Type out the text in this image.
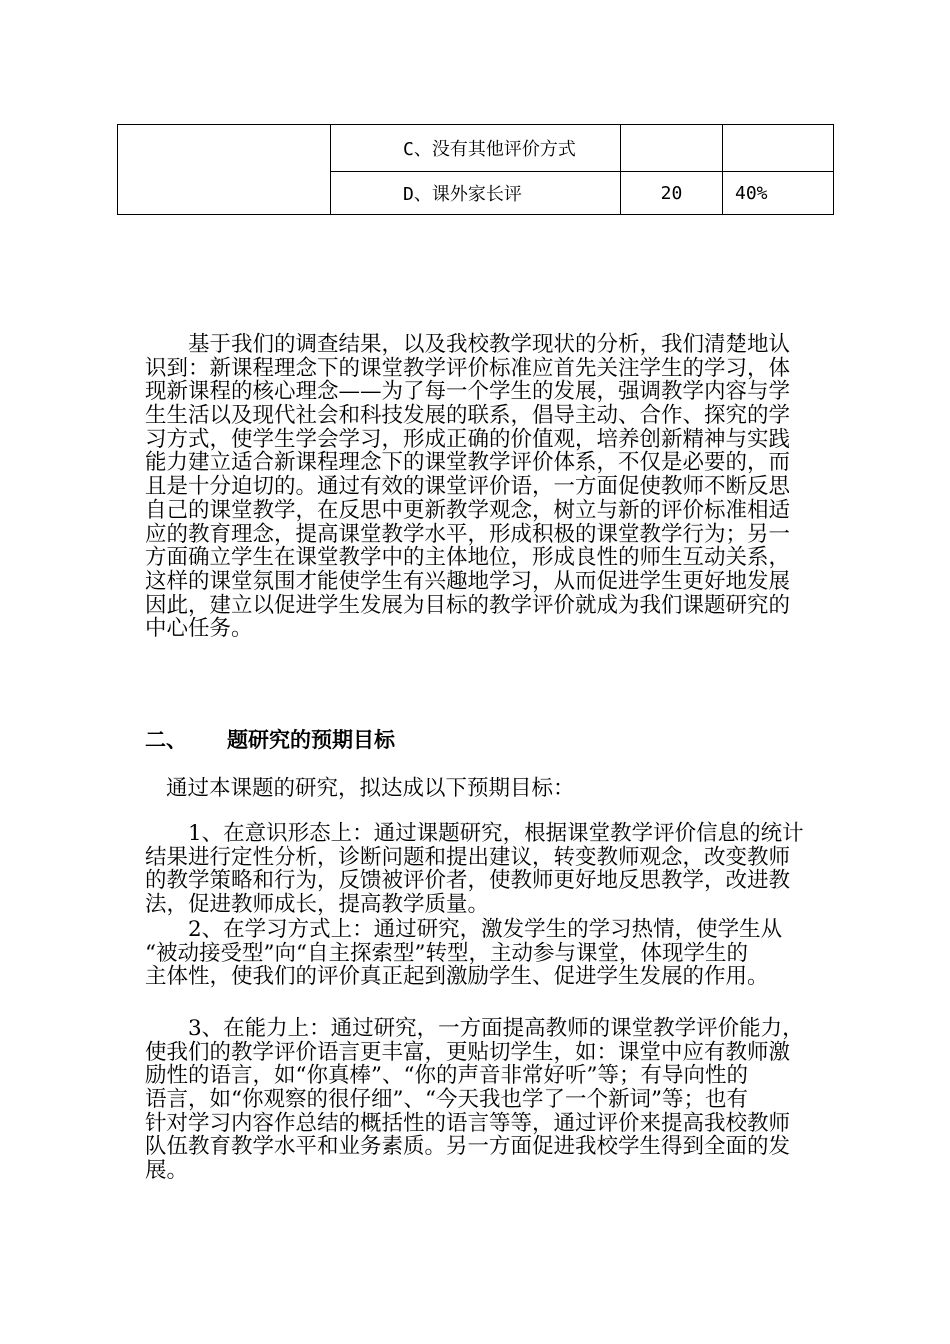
	C、没有其他评价方式		
	D、课外家长评	20	40%
基于我们的调查结果，以及我校教学现状的分析，我们清楚地认
识到：新课程理念下的课堂教学评价标准应首先关注学生的学习，体
现新课程的核心理念——为了每一个学生的发展，强调教学内容与学
生生活以及现代社会和科技发展的联系，倡导主动、合作、探究的学
习方式，使学生学会学习，形成正确的价值观，培养创新精神与实践
能力建立适合新课程理念下的课堂教学评价体系，不仅是必要的，而
且是十分迫切的。通过有效的课堂评价语，一方面促使教师不断反思
自己的课堂教学，在反思中更新教学观念，树立与新的评价标准相适
应的教育理念，提高课堂教学水平，形成积极的课堂教学行为；另一
方面确立学生在课堂教学中的主体地位，形成良性的师生互动关系，
这样的课堂氛围才能使学生有兴趣地学习，从而促进学生更好地发展
因此，建立以促进学生发展为目标的教学评价就成为我们课题研究的
中心任务。
二、 题研究的预期目标
通过本课题的研究，拟达成以下预期目标：
1、在意识形态上：通过课题研究，根据课堂教学评价信息的统计
结果进行定性分析，诊断问题和提出建议，转变教师观念，改变教师
的教学策略和行为，反馈被评价者，使教师更好地反思教学，改进教
法，促进教师成长，提高教学质量。
2、在学习方式上：通过研究，激发学生的学习热情，使学生从
“被动接受型”向“自主探索型”转型，主动参与课堂，体现学生的
主体性，使我们的评价真正起到激励学生、促进学生发展的作用。
3、在能力上：通过研究，一方面提高教师的课堂教学评价能力，
使我们的教学评价语言更丰富，更贴切学生，如：课堂中应有教师激
励性的语言，如“你真棒”、“你的声音非常好听”等；有导向性的
语言，如“你观察的很仔细”、“今天我也学了一个新词”等；也有
针对学习内容作总结的概括性的语言等等，通过评价来提高我校教师
队伍教育教学水平和业务素质。另一方面促进我校学生得到全面的发
展。
